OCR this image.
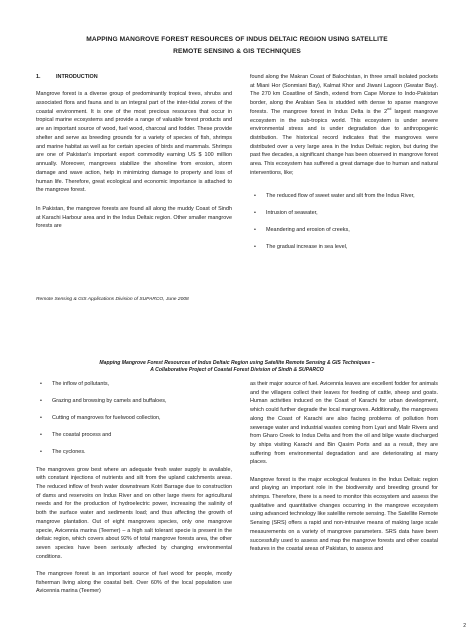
MAPPING MANGROVE FOREST RESOURCES OF INDUS DELTAIC REGION USING SATELLITE
REMOTE SENSING & GIS TECHNIQUES
1.	INTRODUCTION

Mangrove forest is a diverse group of predominantly tropical trees, shrubs and associated flora and fauna and is an integral part of the inter-tidal zones of the coastal environment. It is one of the most precious resources that occur in tropical marine ecosystems and provide a range of valuable forest products and are an important source of wood, fuel wood, charcoal and fodder. These provide shelter and serve as breeding grounds for a variety of species of fish, shrimps and marine habitat as well as for certain species of birds and mammals. Shrimps are one of Pakistan's important export commodity earning US $ 100 million annually. Moreover, mangroves stabilize the shoreline from erosion, storm damage and wave action, help in minimizing damage to property and loss of human life. Therefore, great ecological and economic importance is attached to the mangrove forest.

In Pakistan, the mangrove forests are found all along the muddy Coast of Sindh at Karachi Harbour area and in the Indus Deltaic region. Other smaller mangrove forests are

found along the Makran Coast of Balochistan, in three small isolated pockets at Miani Hor (Sonmiani Bay), Kalmat Khor and Jiwani Lagoon (Gwatar Bay). The 270 km Coastline of Sindh, extend from Cape Monze to Indo-Pakistan border, along the Arabian Sea is studded with dense to sparse mangrove forests. The mangrove forest in Indus Delta is the 2nd largest mangrove ecosystem in the sub-tropics world. This ecosystem is under severe environmental stress and is under degradation due to anthropogenic distribution. The historical record indicates that the mangroves were distributed over a very large area in the Indus Deltaic region, but during the past five decades, a significant change has been observed in mangrove forest area. This ecosystem has suffered a great damage due to human and natural interventions, like;

• The reduced flow of sweet water and silt from the Indus River,
• Intrusion of seawater,
• Meandering and erosion of creeks,
• The gradual increase in sea level,
Remote Sensing & GIS Applications Division of SUPARCO, June 2008
Mapping Mangrove Forest Resources of Indus Deltaic Region using Satellite Remote Sensing & GIS Techniques –
A Collaborative Project of Coastal Forest Division of Sindh & SUPARCO
• The inflow of pollutants,
• Grazing and browsing by camels and buffaloes,
• Cutting of mangroves for fuelwood collection,
• The coastal process and
• The cyclones.

The mangroves grow best where an adequate fresh water supply is available, with constant injections of nutrients and silt from the upland catchments areas. The reduced inflow of fresh water downstream Kotri Barrage due to construction of dams and reservoirs on Indus River and on other large rivers for agricultural needs and for the production of hydroelectric power, increasing the salinity of both the surface water and sediments load; and thus affecting the growth of mangrove plantation. Out of eight mangroves species, only one mangrove specie, Avicennia marina (Teemer) – a high salt tolerant specie is present in the deltaic region, which covers about 92% of total mangrove forests area, the other seven species have been seriously affected by changing environmental conditions.

The mangrove forest is an important source of fuel wood for people, mostly fisherman living along the coastal belt. Over 60% of the local population use Avicennia marina (Teemer)

as their major source of fuel. Avicennia leaves are excellent fodder for animals and the villagers collect their leaves for feeding of cattle, sheep and goats. Human activities induced on the Coast of Karachi for urban development, which could further degrade the local mangroves. Additionally, the mangroves along the Coast of Karachi are also facing problems of pollution from sewerage water and industrial wastes coming from Lyari and Malir Rivers and from Gharo Creek to Indus Delta and from the oil and bilge waste discharged by ships visiting Karachi and Bin Qasim Ports and as a result, they are suffering from environmental degradation and are deteriorating at many places.

Mangrove forest is the major ecological features in the Indus Deltaic region and playing an important role in the biodiversity and breeding ground for shrimps. Therefore, there is a need to monitor this ecosystem and assess the qualitative and quantitative changes occurring in the mangrove ecosystem using advanced technology like satellite remote sensing. The Satellite Remote Sensing (SRS) offers a rapid and non-intrusive means of making large scale measurements on a variety of mangrove parameters. SRS data have been successfully used to assess and map the mangrove forests and other coastal features in the coastal areas of Pakistan, to assess and

2
